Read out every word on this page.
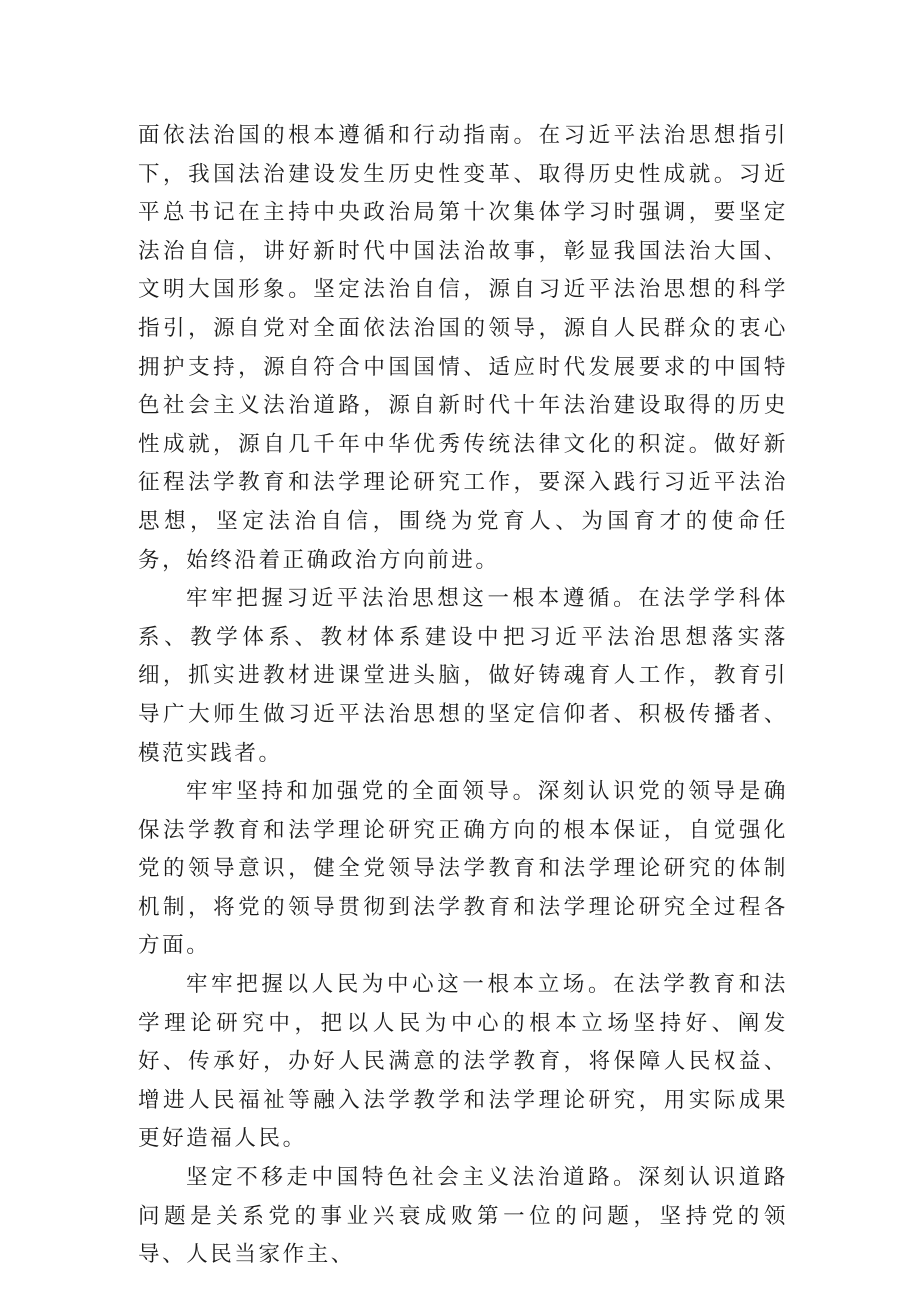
面依法治国的根本遵循和行动指南。在习近平法治思想指引下，我国法治建设发生历史性变革、取得历史性成就。习近平总书记在主持中央政治局第十次集体学习时强调，要坚定法治自信，讲好新时代中国法治故事，彰显我国法治大国、文明大国形象。坚定法治自信，源自习近平法治思想的科学指引，源自党对全面依法治国的领导，源自人民群众的衷心拥护支持，源自符合中国国情、适应时代发展要求的中国特色社会主义法治道路，源自新时代十年法治建设取得的历史性成就，源自几千年中华优秀传统法律文化的积淀。做好新征程法学教育和法学理论研究工作，要深入践行习近平法治思想，坚定法治自信，围绕为党育人、为国育才的使命任务，始终沿着正确政治方向前进。

牢牢把握习近平法治思想这一根本遵循。在法学学科体系、教学体系、教材体系建设中把习近平法治思想落实落细，抓实进教材进课堂进头脑，做好铸魂育人工作，教育引导广大师生做习近平法治思想的坚定信仰者、积极传播者、模范实践者。

牢牢坚持和加强党的全面领导。深刻认识党的领导是确保法学教育和法学理论研究正确方向的根本保证，自觉强化党的领导意识，健全党领导法学教育和法学理论研究的体制机制，将党的领导贯彻到法学教育和法学理论研究全过程各方面。

牢牢把握以人民为中心这一根本立场。在法学教育和法学理论研究中，把以人民为中心的根本立场坚持好、阐发好、传承好，办好人民满意的法学教育，将保障人民权益、增进人民福祉等融入法学教学和法学理论研究，用实际成果更好造福人民。

坚定不移走中国特色社会主义法治道路。深刻认识道路问题是关系党的事业兴衰成败第一位的问题，坚持党的领导、人民当家作主、
